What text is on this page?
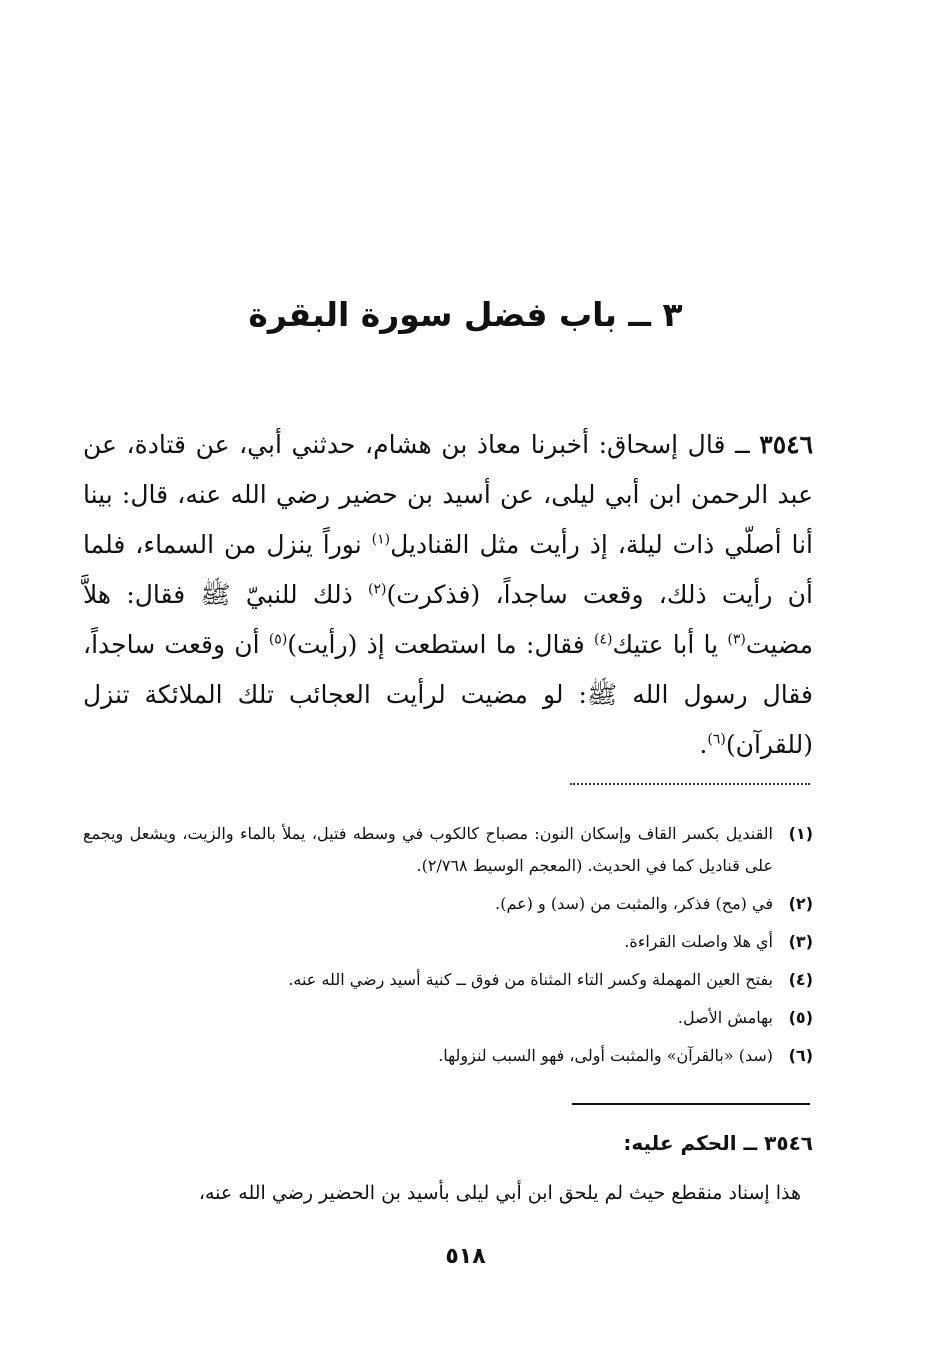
٣ ــ باب فضل سورة البقرة

٣٥٤٦ ــ قال إسحاق: أخبرنا معاذ بن هشام، حدثني أبي، عن قتادة، عن عبد الرحمن ابن أبي ليلى، عن أسيد بن حضير رضي الله عنه، قال: بينا أنا أصلّي ذات ليلة، إذ رأيت مثل القناديل$^{(١)}$ نوراً ينزل من السماء، فلما أن رأيت ذلك، وقعت ساجداً، (فذكرت)$^{(٢)}$ ذلك للنبيّ ﷺ فقال: هلاَّ مضيت$^{(٣)}$ يا أبا عتيك$^{(٤)}$ فقال: ما استطعت إذ (رأيت)$^{(٥)}$ أن وقعت ساجداً، فقال رسول الله ﷺ: لو مضيت لرأيت العجائب تلك الملائكة تنزل (للقرآن)$^{(٦)}$.

(١)
القنديل بكسر القاف وإسكان النون: مصباح كالكوب في وسطه فتيل، يملأ بالماء والزيت، ويشعل ويجمع على قناديل كما في الحديث. (المعجم الوسيط ٢/٧٦٨).
(٢)
في (مح) فذكر، والمثبت من (سد) و (عم).
(٣)
أي هلا واصلت القراءة.
(٤)
بفتح العين المهملة وكسر التاء المثناة من فوق ــ كنية أسيد رضي الله عنه.
(٥)
بهامش الأصل.
(٦)
(سد) «بالقرآن» والمثبت أولى، فهو السبب لنزولها.
٣٥٤٦ ــ الحكم عليه:

هذا إسناد منقطع حيث لم يلحق ابن أبي ليلى بأسيد بن الحضير رضي الله عنه،

٥١٨
